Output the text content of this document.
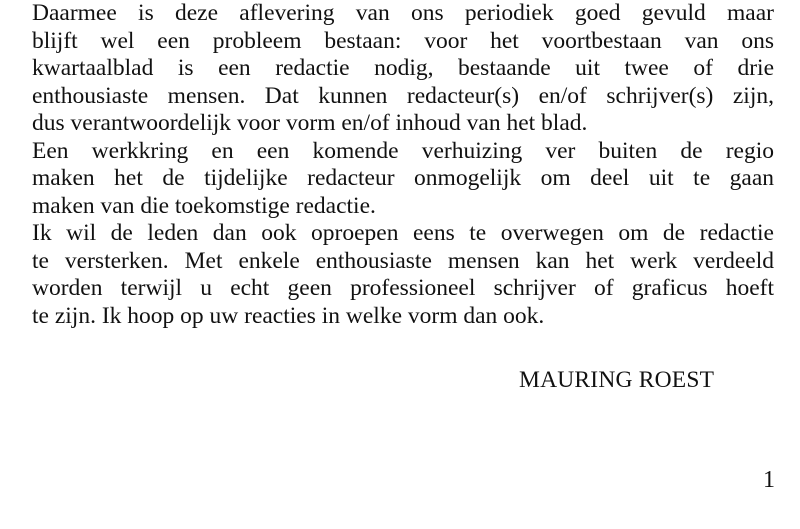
Daarmee is deze aflevering van ons periodiek goed gevuld maar
blijft wel een probleem bestaan: voor het voortbestaan van ons
kwartaalblad is een redactie nodig, bestaande uit twee of drie
enthousiaste mensen. Dat kunnen redacteur(s) en/of schrijver(s) zijn,
dus verantwoordelijk voor vorm en/of inhoud van het blad.

Een werkkring en een komende verhuizing ver buiten de regio
maken het de tijdelijke redacteur onmogelijk om deel uit te gaan
maken van die toekomstige redactie.

Ik wil de leden dan ook oproepen eens te overwegen om de redactie
te versterken. Met enkele enthousiaste mensen kan het werk verdeeld
worden terwijl u echt geen professioneel schrijver of graficus hoeft
te zijn. Ik hoop op uw reacties in welke vorm dan ook.

MAURING ROEST
1
